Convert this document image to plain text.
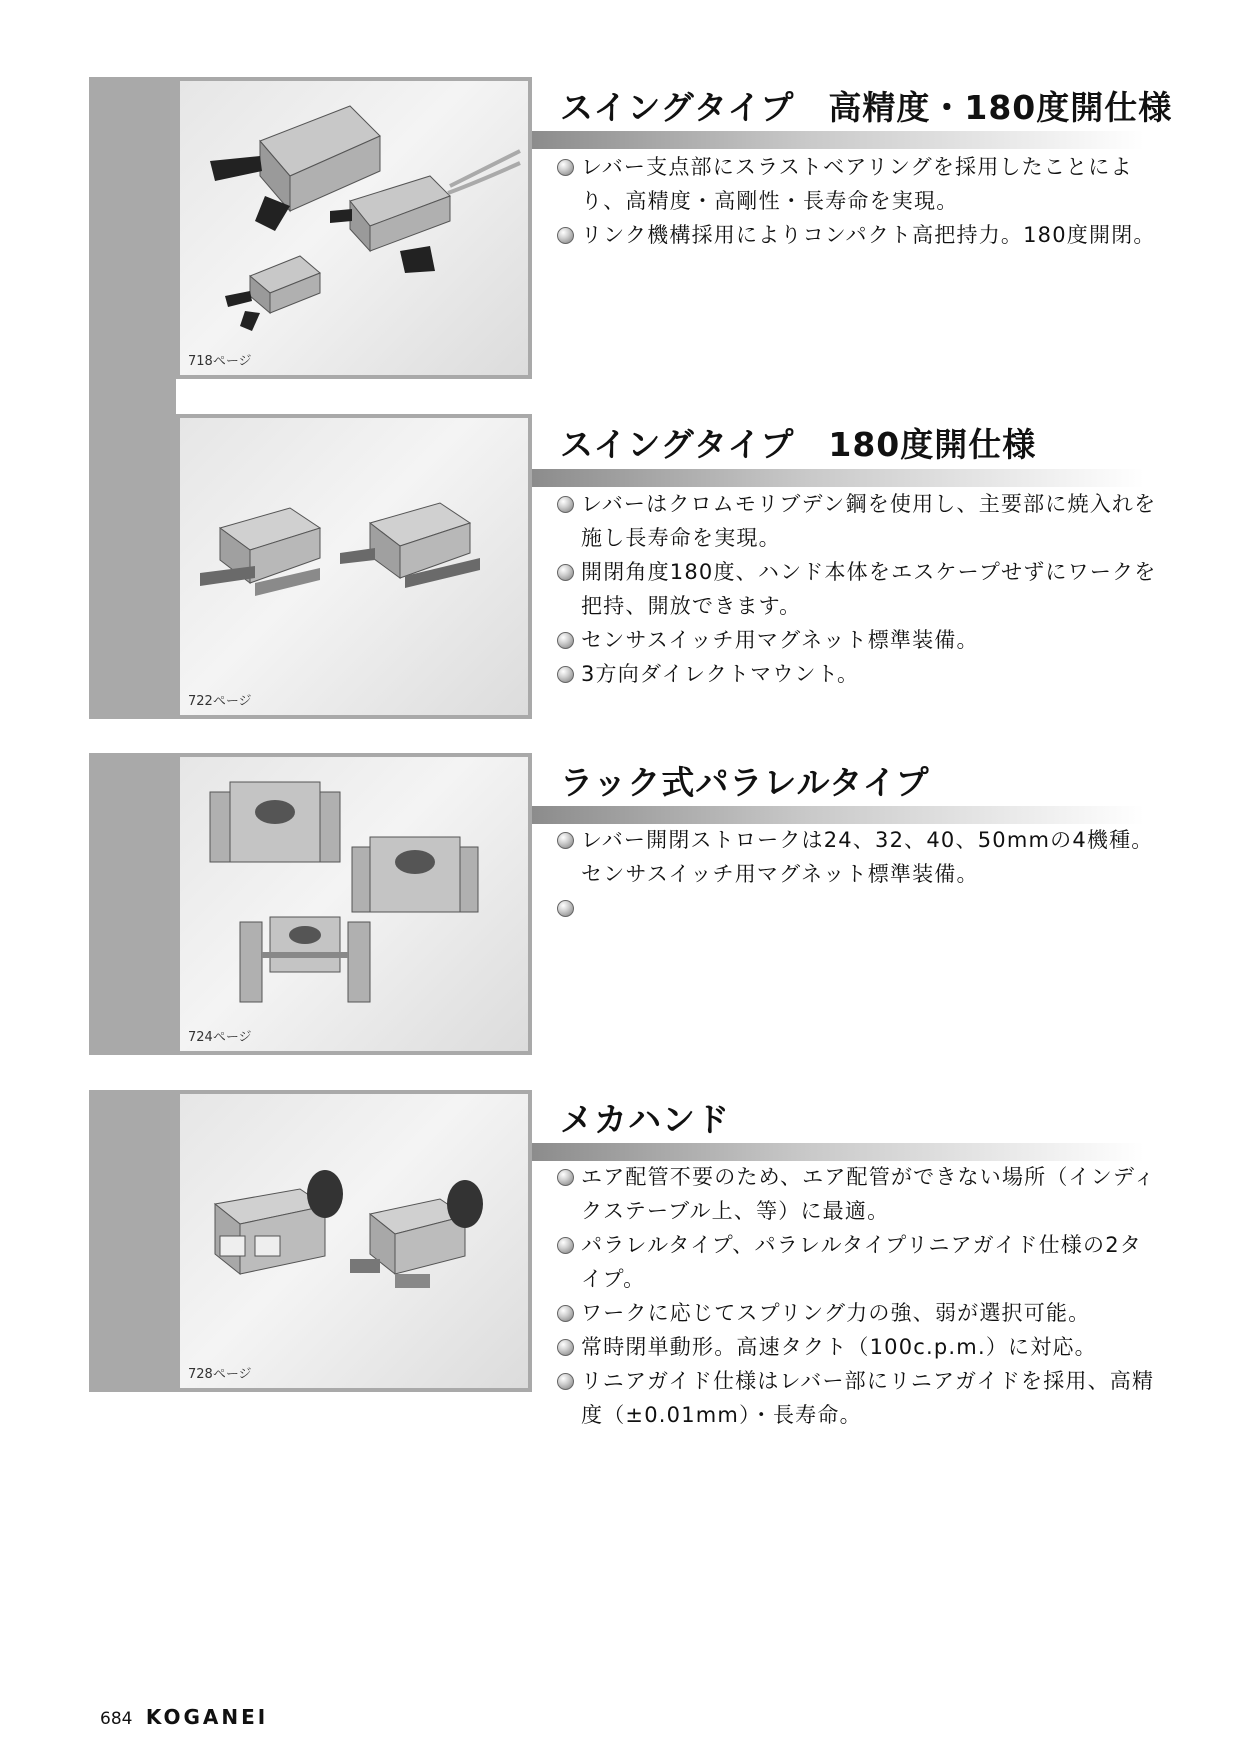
718ページ
スイングタイプ　高精度・180度開仕様
レバー支点部にスラストベアリングを採用したことにより、高精度・高剛性・長寿命を実現。
リンク機構採用によりコンパクト高把持力。180度開閉。
722ページ
スイングタイプ　180度開仕様
レバーはクロムモリブデン鋼を使用し、主要部に焼入れを施し長寿命を実現。
開閉角度180度、ハンド本体をエスケープせずにワークを把持、開放できます。
センサスイッチ用マグネット標準装備。
3方向ダイレクトマウント。
724ページ
ラック式パラレルタイプ
レバー開閉ストロークは24、32、40、50mmの4機種。センサスイッチ用マグネット標準装備。
728ページ
メカハンド
エア配管不要のため、エア配管ができない場所（インディクステーブル上、等）に最適。
パラレルタイプ、パラレルタイプリニアガイド仕様の2タイプ。
ワークに応じてスプリング力の強、弱が選択可能。
常時閉単動形。高速タクト（100c.p.m.）に対応。
リニアガイド仕様はレバー部にリニアガイドを採用、高精度（±0.01mm）・長寿命。
684 KOGANEI
